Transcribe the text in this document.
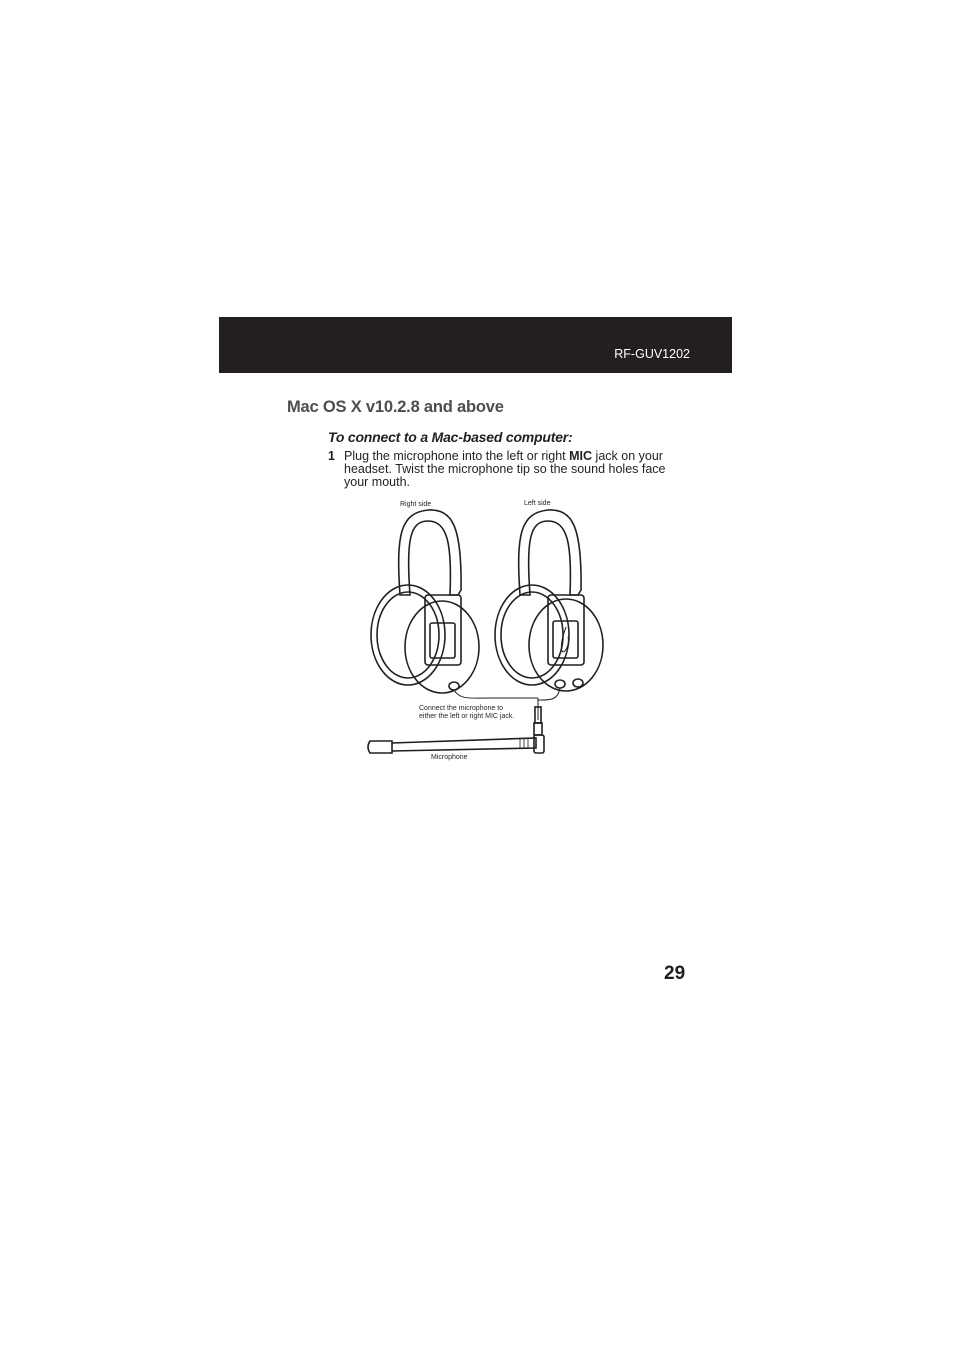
RF-GUV1202
Mac OS X v10.2.8 and above
To connect to a Mac-based computer:
1 Plug the microphone into the left or right MIC jack on your headset. Twist the microphone tip so the sound holes face your mouth.
Right side	Left side
Connect the microphone to
either the left or right MIC jack.
Microphone
29
